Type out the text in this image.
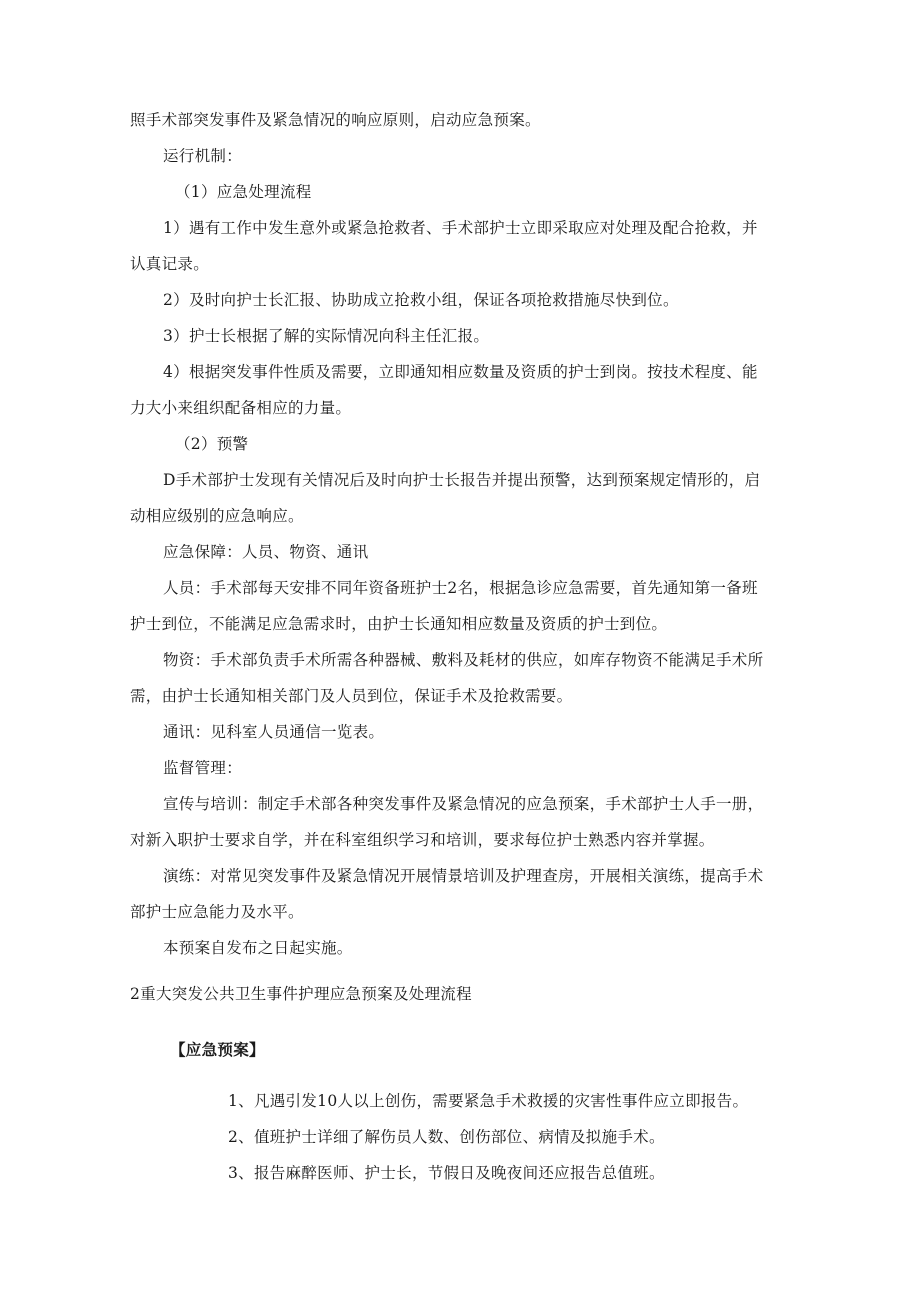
照手术部突发事件及紧急情况的响应原则，启动应急预案。
运行机制：
（1）应急处理流程
1）遇有工作中发生意外或紧急抢救者、手术部护士立即采取应对处理及配合抢救，并
认真记录。
2）及时向护士长汇报、协助成立抢救小组，保证各项抢救措施尽快到位。
3）护士长根据了解的实际情况向科主任汇报。
4）根据突发事件性质及需要，立即通知相应数量及资质的护士到岗。按技术程度、能
力大小来组织配备相应的力量。
（2）预警
D手术部护士发现有关情况后及时向护士长报告并提出预警，达到预案规定情形的，启
动相应级别的应急响应。
应急保障：人员、物资、通讯
人员：手术部每天安排不同年资备班护士2名，根据急诊应急需要，首先通知第一备班
护士到位，不能满足应急需求时，由护士长通知相应数量及资质的护士到位。
物资：手术部负责手术所需各种器械、敷料及耗材的供应，如库存物资不能满足手术所
需，由护士长通知相关部门及人员到位，保证手术及抢救需要。
通讯：见科室人员通信一览表。
监督管理：
宣传与培训：制定手术部各种突发事件及紧急情况的应急预案，手术部护士人手一册，
对新入职护士要求自学，并在科室组织学习和培训，要求每位护士熟悉内容并掌握。
演练：对常见突发事件及紧急情况开展情景培训及护理查房，开展相关演练，提高手术
部护士应急能力及水平。
本预案自发布之日起实施。
2重大突发公共卫生事件护理应急预案及处理流程
【应急预案】
1、凡遇引发10人以上创伤，需要紧急手术救援的灾害性事件应立即报告。
2、值班护士详细了解伤员人数、创伤部位、病情及拟施手术。
3、报告麻醉医师、护士长，节假日及晚夜间还应报告总值班。
